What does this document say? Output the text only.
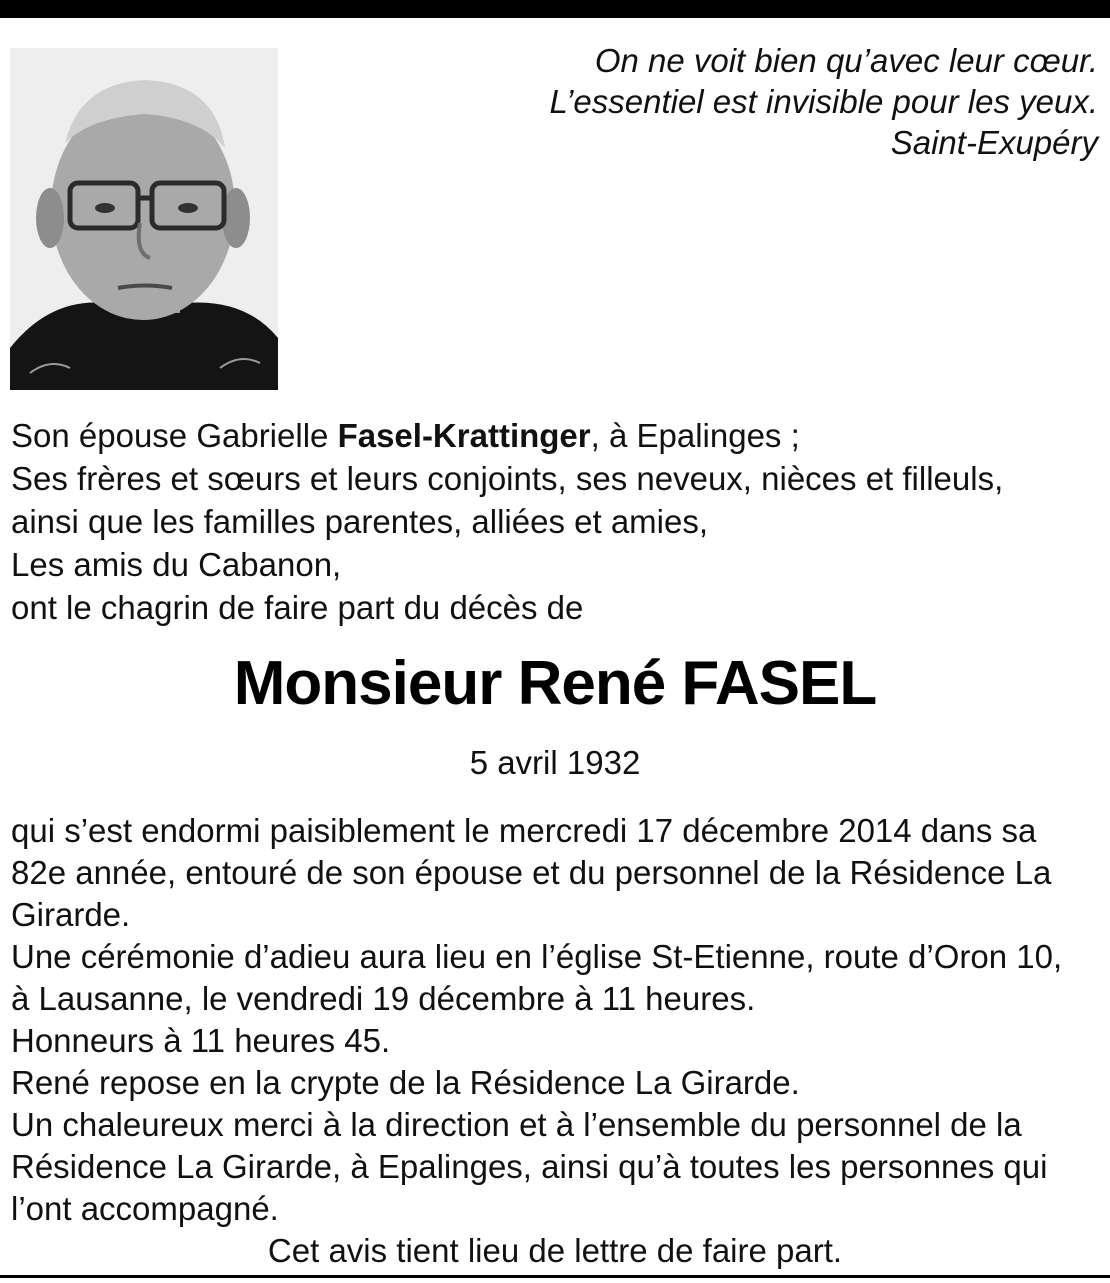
On ne voit bien qu’avec leur cœur.
L’essentiel est invisible pour les yeux.
Saint-Exupéry
Son épouse Gabrielle Fasel-Krattinger, à Epalinges ;
Ses frères et sœurs et leurs conjoints, ses neveux, nièces et filleuls,
ainsi que les familles parentes, alliées et amies,
Les amis du Cabanon,
ont le chagrin de faire part du décès de
Monsieur René FASEL
5 avril 1932
qui s’est endormi paisiblement le mercredi 17 décembre 2014 dans sa
82e année, entouré de son épouse et du personnel de la Résidence La
Girarde.
Une cérémonie d’adieu aura lieu en l’église St-Etienne, route d’Oron 10,
à Lausanne, le vendredi 19 décembre à 11 heures.
Honneurs à 11 heures 45.
René repose en la crypte de la Résidence La Girarde.
Un chaleureux merci à la direction et à l’ensemble du personnel de la
Résidence La Girarde, à Epalinges, ainsi qu’à toutes les personnes qui
l’ont accompagné.
Cet avis tient lieu de lettre de faire part.
